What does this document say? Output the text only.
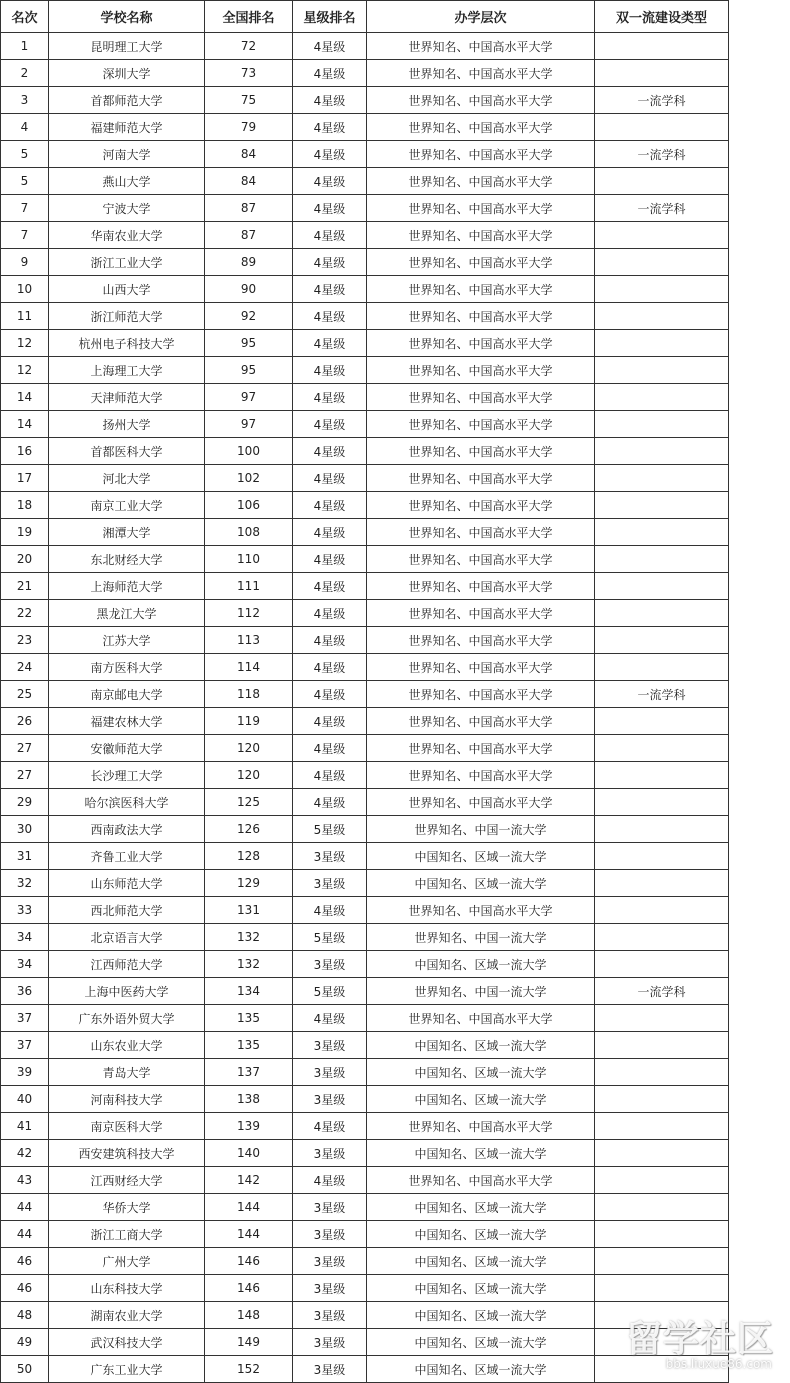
名次	学校名称	全国排名	星级排名	办学层次	双一流建设类型
1	昆明理工大学	72	4星级	世界知名、中国高水平大学	
2	深圳大学	73	4星级	世界知名、中国高水平大学	
3	首都师范大学	75	4星级	世界知名、中国高水平大学	一流学科
4	福建师范大学	79	4星级	世界知名、中国高水平大学	
5	河南大学	84	4星级	世界知名、中国高水平大学	一流学科
5	燕山大学	84	4星级	世界知名、中国高水平大学	
7	宁波大学	87	4星级	世界知名、中国高水平大学	一流学科
7	华南农业大学	87	4星级	世界知名、中国高水平大学	
9	浙江工业大学	89	4星级	世界知名、中国高水平大学	
10	山西大学	90	4星级	世界知名、中国高水平大学	
11	浙江师范大学	92	4星级	世界知名、中国高水平大学	
12	杭州电子科技大学	95	4星级	世界知名、中国高水平大学	
12	上海理工大学	95	4星级	世界知名、中国高水平大学	
14	天津师范大学	97	4星级	世界知名、中国高水平大学	
14	扬州大学	97	4星级	世界知名、中国高水平大学	
16	首都医科大学	100	4星级	世界知名、中国高水平大学	
17	河北大学	102	4星级	世界知名、中国高水平大学	
18	南京工业大学	106	4星级	世界知名、中国高水平大学	
19	湘潭大学	108	4星级	世界知名、中国高水平大学	
20	东北财经大学	110	4星级	世界知名、中国高水平大学	
21	上海师范大学	111	4星级	世界知名、中国高水平大学	
22	黑龙江大学	112	4星级	世界知名、中国高水平大学	
23	江苏大学	113	4星级	世界知名、中国高水平大学	
24	南方医科大学	114	4星级	世界知名、中国高水平大学	
25	南京邮电大学	118	4星级	世界知名、中国高水平大学	一流学科
26	福建农林大学	119	4星级	世界知名、中国高水平大学	
27	安徽师范大学	120	4星级	世界知名、中国高水平大学	
27	长沙理工大学	120	4星级	世界知名、中国高水平大学	
29	哈尔滨医科大学	125	4星级	世界知名、中国高水平大学	
30	西南政法大学	126	5星级	世界知名、中国一流大学	
31	齐鲁工业大学	128	3星级	中国知名、区域一流大学	
32	山东师范大学	129	3星级	中国知名、区域一流大学	
33	西北师范大学	131	4星级	世界知名、中国高水平大学	
34	北京语言大学	132	5星级	世界知名、中国一流大学	
34	江西师范大学	132	3星级	中国知名、区域一流大学	
36	上海中医药大学	134	5星级	世界知名、中国一流大学	一流学科
37	广东外语外贸大学	135	4星级	世界知名、中国高水平大学	
37	山东农业大学	135	3星级	中国知名、区域一流大学	
39	青岛大学	137	3星级	中国知名、区域一流大学	
40	河南科技大学	138	3星级	中国知名、区域一流大学	
41	南京医科大学	139	4星级	世界知名、中国高水平大学	
42	西安建筑科技大学	140	3星级	中国知名、区域一流大学	
43	江西财经大学	142	4星级	世界知名、中国高水平大学	
44	华侨大学	144	3星级	中国知名、区域一流大学	
44	浙江工商大学	144	3星级	中国知名、区域一流大学	
46	广州大学	146	3星级	中国知名、区域一流大学	
46	山东科技大学	146	3星级	中国知名、区域一流大学	
48	湖南农业大学	148	3星级	中国知名、区域一流大学	
49	武汉科技大学	149	3星级	中国知名、区域一流大学	
50	广东工业大学	152	3星级	中国知名、区域一流大学	
留学社区
bbs.liuxue86.com
